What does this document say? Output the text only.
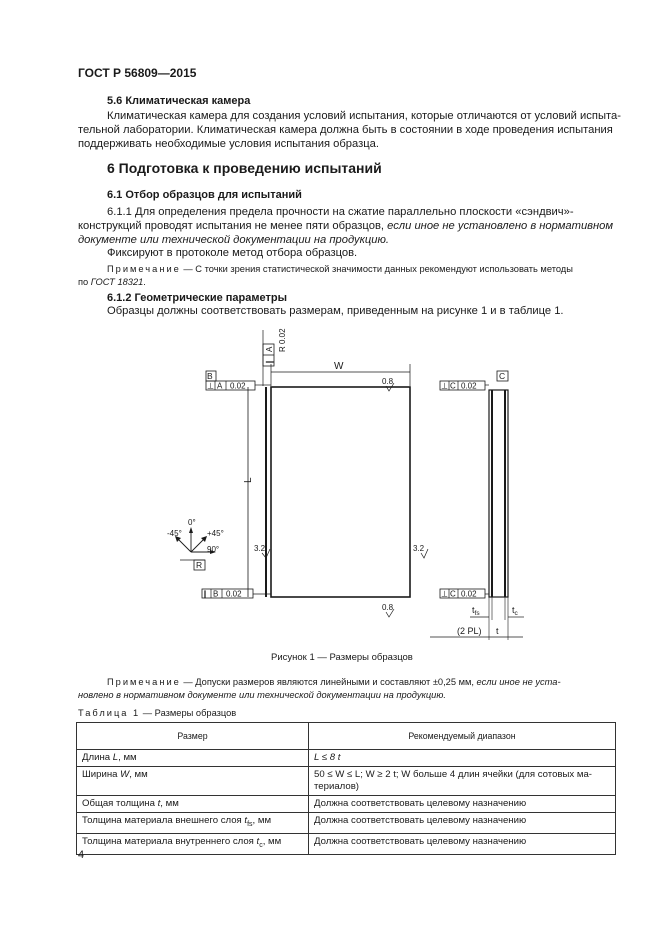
ГОСТ Р 56809—2015
5.6 Климатическая камера
Климатическая камера для создания условий испытания, которые отличаются от условий испыта-
тельной лаборатории. Климатическая камера должна быть в состоянии в ходе проведения испытания
поддерживать необходимые условия испытания образца.
6 Подготовка к проведению испытаний
6.1 Отбор образцов для испытаний
6.1.1 Для определения предела прочности на сжатие параллельно плоскости «сэндвич»-
конструкций проводят испытания не менее пяти образцов, если иное не установлено в нормативном
документе или технической документации на продукцию.
Фиксируют в протоколе метод отбора образцов.
Примечание — С точки зрения статистической значимости данных рекомендуют использовать методы
по ГОСТ 18321.
6.1.2 Геометрические параметры
Образцы должны соответствовать размерам, приведенным на рисунке 1 и в таблице 1.
W
A
∥
R 0.02
B
⊥ A 0.02	0.8
L
3.2	3.2
∥ B 0.02
0.8
0°
-45°	+45°
90°
R
C
⊥ C 0.02
⊥ C 0.02
$t_{fs}$	$t_c$
(2 PL) t
Рисунок 1 — Размеры образцов
Примечание — Допуски размеров являются линейными и составляют ±0,25 мм, если иное не уста-
новлено в нормативном документе или технической документации на продукцию.
Таблица 1 — Размеры образцов
Размер	Рекомендуемый диапазон
Длина L, мм	L ≤ 8 t
Ширина W, мм	50 ≤ W ≤ L; W ≥ 2 t; W больше 4 длин ячейки (для сотовых ма-
териалов)

Общая толщина t, мм	Должна соответствовать целевому назначению
Толщина материала внешнего слоя $t_{fs}$, мм	Должна соответствовать целевому назначению
Толщина материала внутреннего слоя $t_c$, мм	Должна соответствовать целевому назначению
4
